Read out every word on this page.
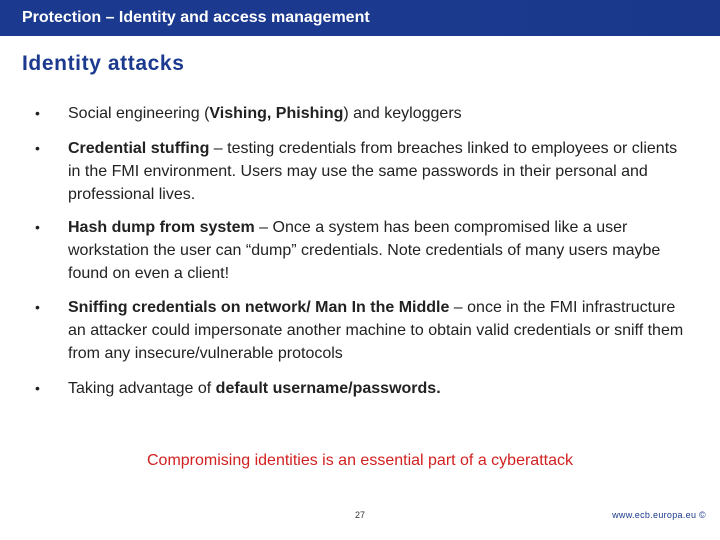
Protection – Identity and access management
Identity attacks
• Social engineering (Vishing, Phishing) and keyloggers
• Credential stuffing – testing credentials from breaches linked to employees or clients in the FMI environment. Users may use the same passwords in their personal and professional lives.
• Hash dump from system – Once a system has been compromised like a user workstation the user can “dump” credentials. Note credentials of many users maybe found on even a client!
• Sniffing credentials on network/ Man In the Middle – once in the FMI infrastructure an attacker could impersonate another machine to obtain valid credentials or sniff them from any insecure/vulnerable protocols
• Taking advantage of default username/passwords.
Compromising identities is an essential part of a cyberattack
27	www.ecb.europa.eu ©
